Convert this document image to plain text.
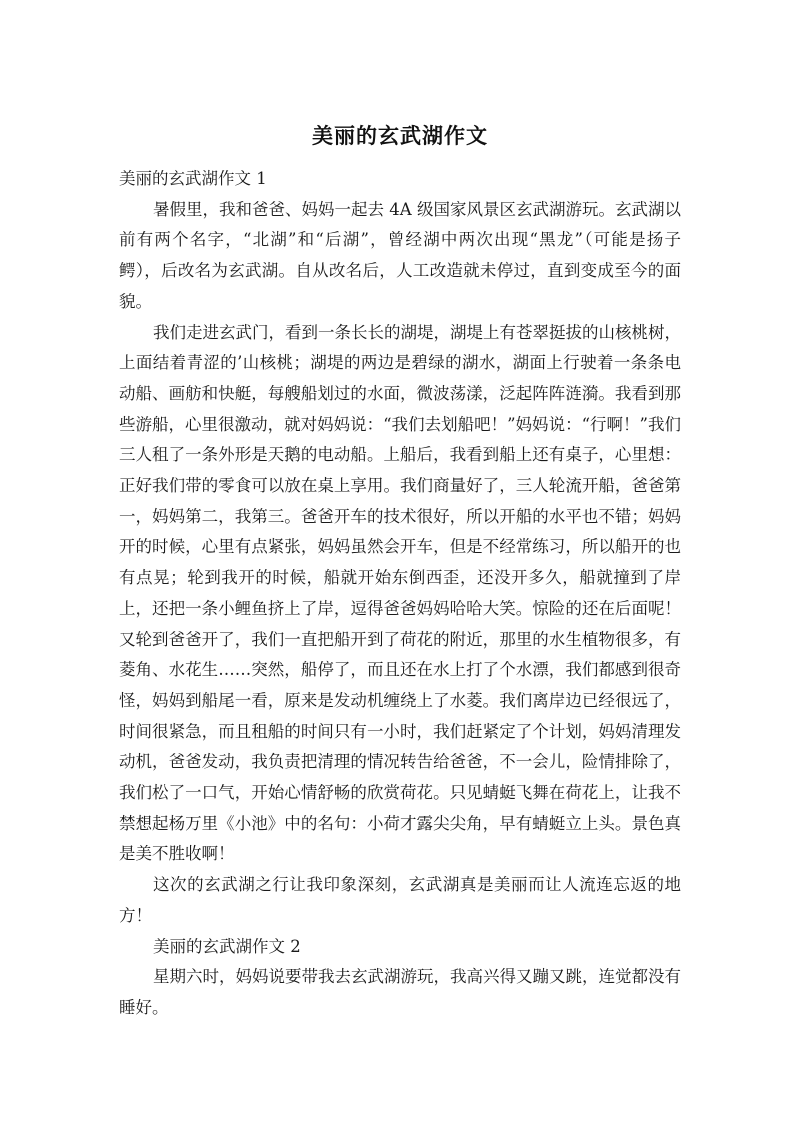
美丽的玄武湖作文

美丽的玄武湖作文 1

暑假里，我和爸爸、妈妈一起去 4A 级国家风景区玄武湖游玩。玄武湖以前有两个名字，“北湖”和“后湖”，曾经湖中两次出现“黑龙”（可能是扬子鳄），后改名为玄武湖。自从改名后，人工改造就未停过，直到变成至今的面貌。

我们走进玄武门，看到一条长长的湖堤，湖堤上有苍翠挺拔的山核桃树，上面结着青涩的’山核桃；湖堤的两边是碧绿的湖水，湖面上行驶着一条条电动船、画舫和快艇，每艘船划过的水面，微波荡漾，泛起阵阵涟漪。我看到那些游船，心里很激动，就对妈妈说：“我们去划船吧！”妈妈说：“行啊！”我们三人租了一条外形是天鹅的电动船。上船后，我看到船上还有桌子，心里想：正好我们带的零食可以放在桌上享用。我们商量好了，三人轮流开船，爸爸第一，妈妈第二，我第三。爸爸开车的技术很好，所以开船的水平也不错；妈妈开的时候，心里有点紧张，妈妈虽然会开车，但是不经常练习，所以船开的也有点晃；轮到我开的时候，船就开始东倒西歪，还没开多久，船就撞到了岸上，还把一条小鲤鱼挤上了岸，逗得爸爸妈妈哈哈大笑。惊险的还在后面呢！又轮到爸爸开了，我们一直把船开到了荷花的附近，那里的水生植物很多，有菱角、水花生……突然，船停了，而且还在水上打了个水漂，我们都感到很奇怪，妈妈到船尾一看，原来是发动机缠绕上了水菱。我们离岸边已经很远了，时间很紧急，而且租船的时间只有一小时，我们赶紧定了个计划，妈妈清理发动机，爸爸发动，我负责把清理的情况转告给爸爸，不一会儿，险情排除了，我们松了一口气，开始心情舒畅的欣赏荷花。只见蜻蜓飞舞在荷花上，让我不禁想起杨万里《小池》中的名句：小荷才露尖尖角，早有蜻蜓立上头。景色真是美不胜收啊！

这次的玄武湖之行让我印象深刻，玄武湖真是美丽而让人流连忘返的地方！

美丽的玄武湖作文 2

星期六时，妈妈说要带我去玄武湖游玩，我高兴得又蹦又跳，连觉都没有睡好。
